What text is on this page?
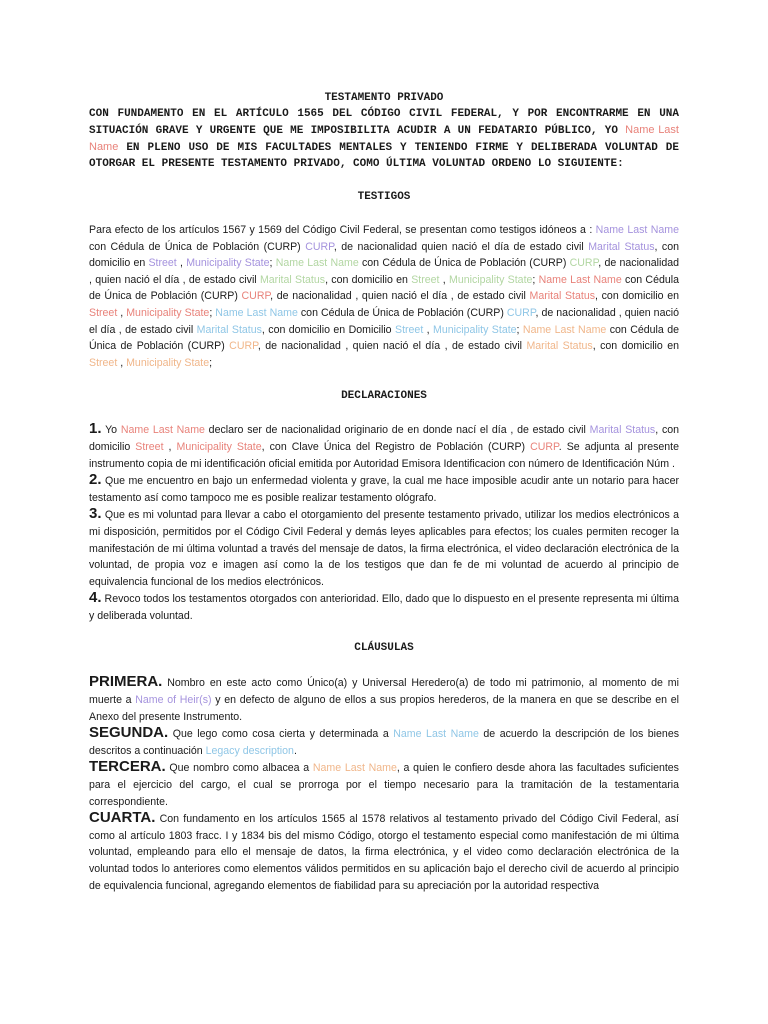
TESTAMENTO PRIVADO
CON FUNDAMENTO EN EL ARTÍCULO 1565 DEL CÓDIGO CIVIL FEDERAL, Y POR ENCONTRARME EN UNA SITUACIÓN GRAVE Y URGENTE QUE ME IMPOSIBILITA ACUDIR A UN FEDATARIO PÚBLICO, YO Name Last Name EN PLENO USO DE MIS FACULTADES MENTALES Y TENIENDO FIRME Y DELIBERADA VOLUNTAD DE OTORGAR EL PRESENTE TESTAMENTO PRIVADO, COMO ÚLTIMA VOLUNTAD ORDENO LO SIGUIENTE:
TESTIGOS

Para efecto de los artículos 1567 y 1569 del Código Civil Federal, se presentan como testigos idóneos a : Name Last Name con Cédula de Única de Población (CURP) CURP, de nacionalidad quien nació el día de estado civil Marital Status, con domicilio en Street , Municipality State; Name Last Name con Cédula de Única de Población (CURP) CURP, de nacionalidad , quien nació el día , de estado civil Marital Status, con domicilio en Street , Municipality State; Name Last Name con Cédula de Única de Población (CURP) CURP, de nacionalidad , quien nació el día , de estado civil Marital Status, con domicilio en Street , Municipality State; Name Last Name con Cédula de Única de Población (CURP) CURP, de nacionalidad , quien nació el día , de estado civil Marital Status, con domicilio en Domicilio Street , Municipality State; Name Last Name con Cédula de Única de Población (CURP) CURP, de nacionalidad , quien nació el día , de estado civil Marital Status, con domicilio en Street , Municipality State;

DECLARACIONES

1. Yo Name Last Name declaro ser de nacionalidad originario de en donde nací el día , de estado civil Marital Status, con domicilio Street , Municipality State, con Clave Única del Registro de Población (CURP) CURP. Se adjunta al presente instrumento copia de mi identificación oficial emitida por Autoridad Emisora Identificacion con número de Identificación Núm .

2. Que me encuentro en bajo un enfermedad violenta y grave, la cual me hace imposible acudir ante un notario para hacer testamento así como tampoco me es posible realizar testamento ológrafo.

3. Que es mi voluntad para llevar a cabo el otorgamiento del presente testamento privado, utilizar los medios electrónicos a mi disposición, permitidos por el Código Civil Federal y demás leyes aplicables para efectos; los cuales permiten recoger la manifestación de mi última voluntad a través del mensaje de datos, la firma electrónica, el video declaración electrónica de la voluntad, de propia voz e imagen así como la de los testigos que dan fe de mi voluntad de acuerdo al principio de equivalencia funcional de los medios electrónicos.

4. Revoco todos los testamentos otorgados con anterioridad. Ello, dado que lo dispuesto en el presente representa mi última y deliberada voluntad.

CLÁUSULAS

PRIMERA. Nombro en este acto como Único(a) y Universal Heredero(a) de todo mi patrimonio, al momento de mi muerte a Name of Heir(s) y en defecto de alguno de ellos a sus propios herederos, de la manera en que se describe en el Anexo del presente Instrumento.

SEGUNDA. Que lego como cosa cierta y determinada a Name Last Name de acuerdo la descripción de los bienes descritos a continuación Legacy description.

TERCERA. Que nombro como albacea a Name Last Name, a quien le confiero desde ahora las facultades suficientes para el ejercicio del cargo, el cual se prorroga por el tiempo necesario para la tramitación de la testamentaria correspondiente.

CUARTA. Con fundamento en los artículos 1565 al 1578 relativos al testamento privado del Código Civil Federal, así como al artículo 1803 fracc. I y 1834 bis del mismo Código, otorgo el testamento especial como manifestación de mi última voluntad, empleando para ello el mensaje de datos, la firma electrónica, y el video como declaración electrónica de la voluntad todos lo anteriores como elementos válidos permitidos en su aplicación bajo el derecho civil de acuerdo al principio de equivalencia funcional, agregando elementos de fiabilidad para su apreciación por la autoridad respectiva
